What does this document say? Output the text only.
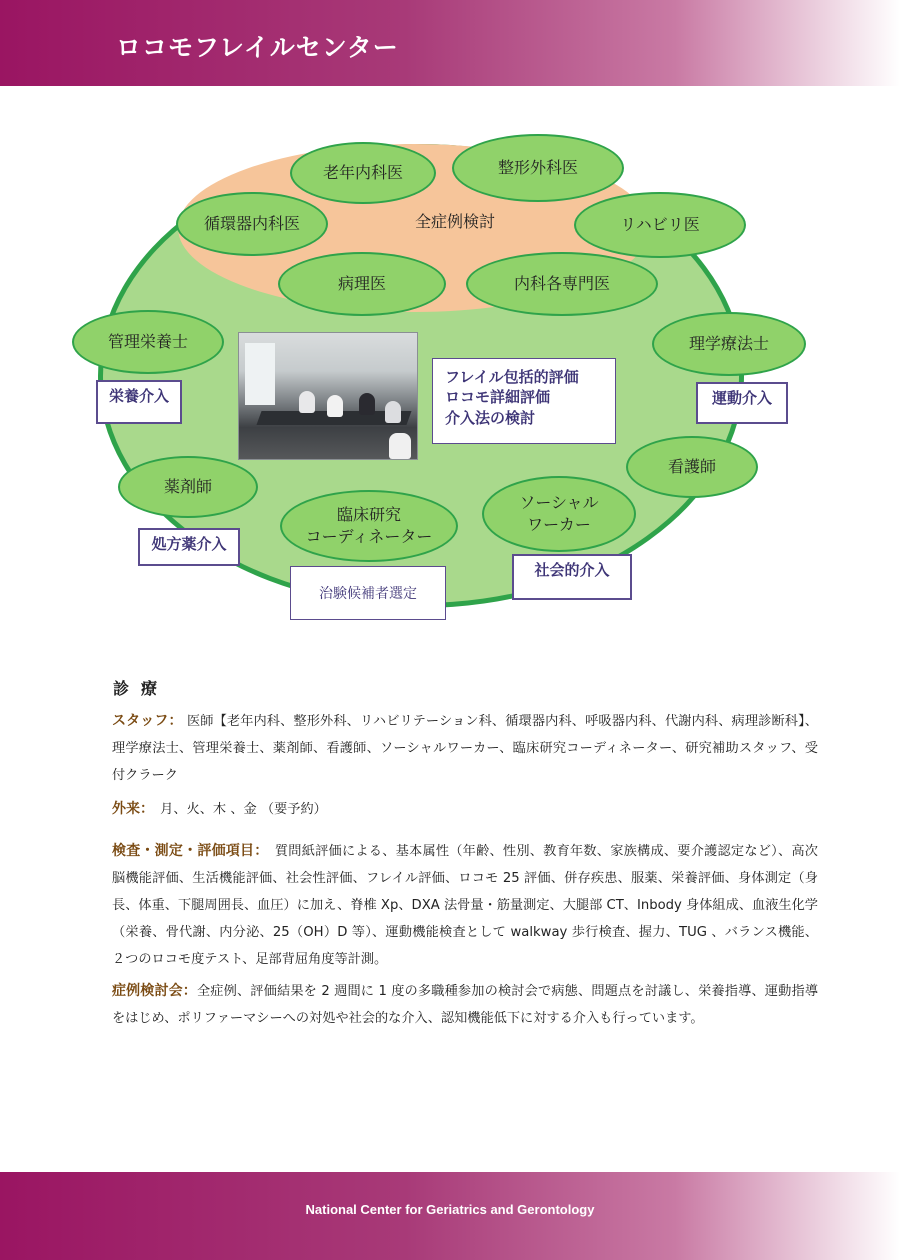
ロコモフレイルセンター
全症例検討
老年内科医	整形外科医
循環器内科医	リハビリ医
病理医	内科各専門医
管理栄養士	理学療法士
薬剤師
看護師
臨床研究
コーディネーター
ソーシャル
ワーカー
栄養介入	運動介入
処方薬介入
治験候補者選定
社会的介入
フレイル包括的評価
ロコモ詳細評価
介入法の検討
診療
スタッフ： 医師【老年内科、整形外科、リハビリテーション科、循環器内科、呼吸器内科、代謝内科、病理診断科】、理学療法士、管理栄養士、薬剤師、看護師、ソーシャルワーカー、臨床研究コーディネーター、研究補助スタッフ、受付クラーク
外来：　月、火、木 、金 （要予約）
検査・測定・評価項目：　質問紙評価による、基本属性（年齢、性別、教育年数、家族構成、要介護認定など）、高次脳機能評価、生活機能評価、社会性評価、フレイル評価、ロコモ 25 評価、併存疾患、服薬、栄養評価、身体測定（身長、体重、下腿周囲長、血圧）に加え、脊椎 Xp、DXA 法骨量・筋量測定、大腿部 CT、Inbody 身体組成、血液生化学（栄養、骨代謝、内分泌、25（OH）D 等）、運動機能検査として walkway 歩行検査、握力、TUG 、バランス機能、２つのロコモ度テスト、足部背屈角度等計測。
症例検討会：全症例、評価結果を 2 週間に 1 度の多職種参加の検討会で病態、問題点を討議し、栄養指導、運動指導をはじめ、ポリファーマシーへの対処や社会的な介入、認知機能低下に対する介入も行っています。
National Center for Geriatrics and Gerontology
